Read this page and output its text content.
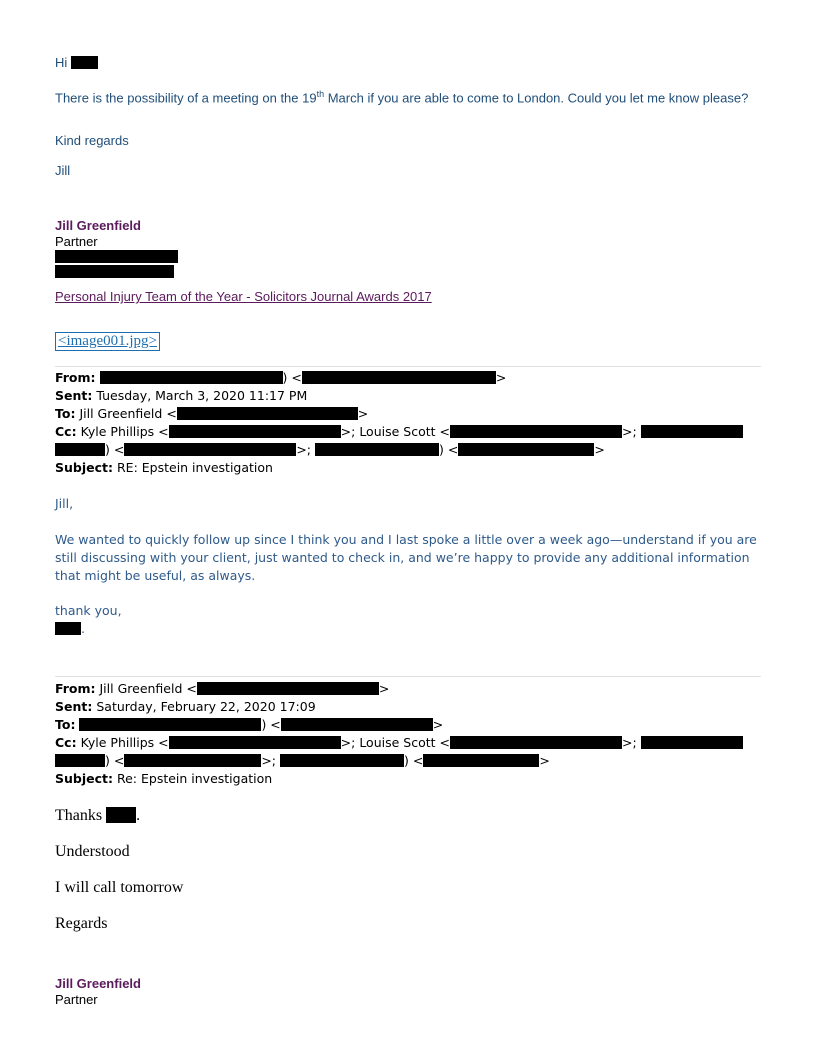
Hi
There is the possibility of a meeting on the 19th March if you are able to come to London. Could you let me know please?
Kind regards
Jill
Jill Greenfield
Partner
Personal Injury Team of the Year - Solicitors Journal Awards 2017
<image001.jpg>
From:	) <	>
Sent: Tuesday, March 3, 2020 11:17 PM
To: Jill Greenfield <	>
Cc: Kyle Phillips <	>; Louise Scott <	>;
) <	>;	) <	>
Subject: RE: Epstein investigation
Jill,
We wanted to quickly follow up since I think you and I last spoke a little over a week ago—understand if you are still discussing with your client, just wanted to check in, and we’re happy to provide any additional information that might be useful, as always.
thank you,
.
From: Jill Greenfield <	>
Sent: Saturday, February 22, 2020 17:09
To:	) <	>
Cc: Kyle Phillips <	>; Louise Scott <	>;
) <	>;	) <	>
Subject: Re: Epstein investigation
Thanks .
Understood
I will call tomorrow
Regards
Jill Greenfield
Partner
